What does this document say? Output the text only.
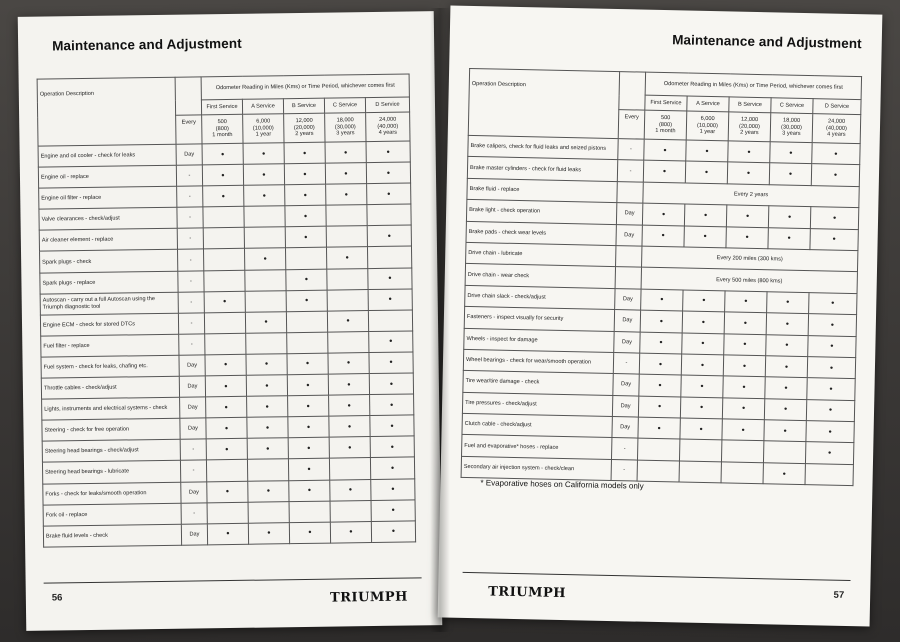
Maintenance and Adjustment
Operation Description		Odometer Reading in Miles (Kms) or Time Period, whichever comes first				
		First Service	A Service	B Service	C Service	D Service
	Every	500
(800)
1 month	6,000
(10,000)
1 year	12,000
(20,000)
2 years	18,000
(30,000)
3 years	24,000
(40,000)
4 years
Engine and oil cooler - check for leaks	Day	•	•	•	•	•
Engine oil - replace	-	•	•	•	•	•
Engine oil filter - replace	-	•	•	•	•	•
Valve clearances - check/adjust	-			•		
Air cleaner element - replace	-			•		•
Spark plugs - check	-		•		•	
Spark plugs - replace	-			•		•
Autoscan - carry out a full Autoscan using the Triumph diagnostic tool	-	•		•		•
Engine ECM - check for stored DTCs	-		•		•	
Fuel filter - replace	-					•
Fuel system - check for leaks, chafing etc.	Day	•	•	•	•	•
Throttle cables - check/adjust	Day	•	•	•	•	•
Lights, instruments and electrical systems - check	Day	•	•	•	•	•
Steering - check for free operation	Day	•	•	•	•	•
Steering head bearings - check/adjust	-	•	•	•	•	•
Steering head bearings - lubricate	-			•		•
Forks - check for leaks/smooth operation	Day	•	•	•	•	•
Fork oil - replace	-					•
Brake fluid levels - check	Day	•	•	•	•	•
56	TRIUMPH
Maintenance and Adjustment
Operation Description		Odometer Reading in Miles (Kms) or Time Period, whichever comes first				
		First Service	A Service	B Service	C Service	D Service
	Every	500
(800)
1 month	6,000
(10,000)
1 year	12,000
(20,000)
2 years	18,000
(30,000)
3 years	24,000
(40,000)
4 years
Brake calipers, check for fluid leaks and seized pistons	-	•	•	•	•	•
Brake master cylinders - check for fluid leaks	-	•	•	•	•	•
Brake fluid - replace		Every 2 years				
Brake light - check operation	Day	•	•	•	•	•
Brake pads - check wear levels	Day	•	•	•	•	•
Drive chain - lubricate		Every 200 miles (300 kms)				
Drive chain - wear check		Every 500 miles (800 kms)				
Drive chain slack - check/adjust	Day	•	•	•	•	•
Fasteners - inspect visually for security	Day	•	•	•	•	•
Wheels - inspect for damage	Day	•	•	•	•	•
Wheel bearings - check for wear/smooth operation	-	•	•	•	•	•
Tire wear/tire damage - check	Day	•	•	•	•	•
Tire pressures - check/adjust	Day	•	•	•	•	•
Clutch cable - check/adjust	Day	•	•	•	•	•
Fuel and evaporative* hoses - replace	-					•
Secondary air injection system - check/clean	-				•	
* Evaporative hoses on California models only
57
TRIUMPH
